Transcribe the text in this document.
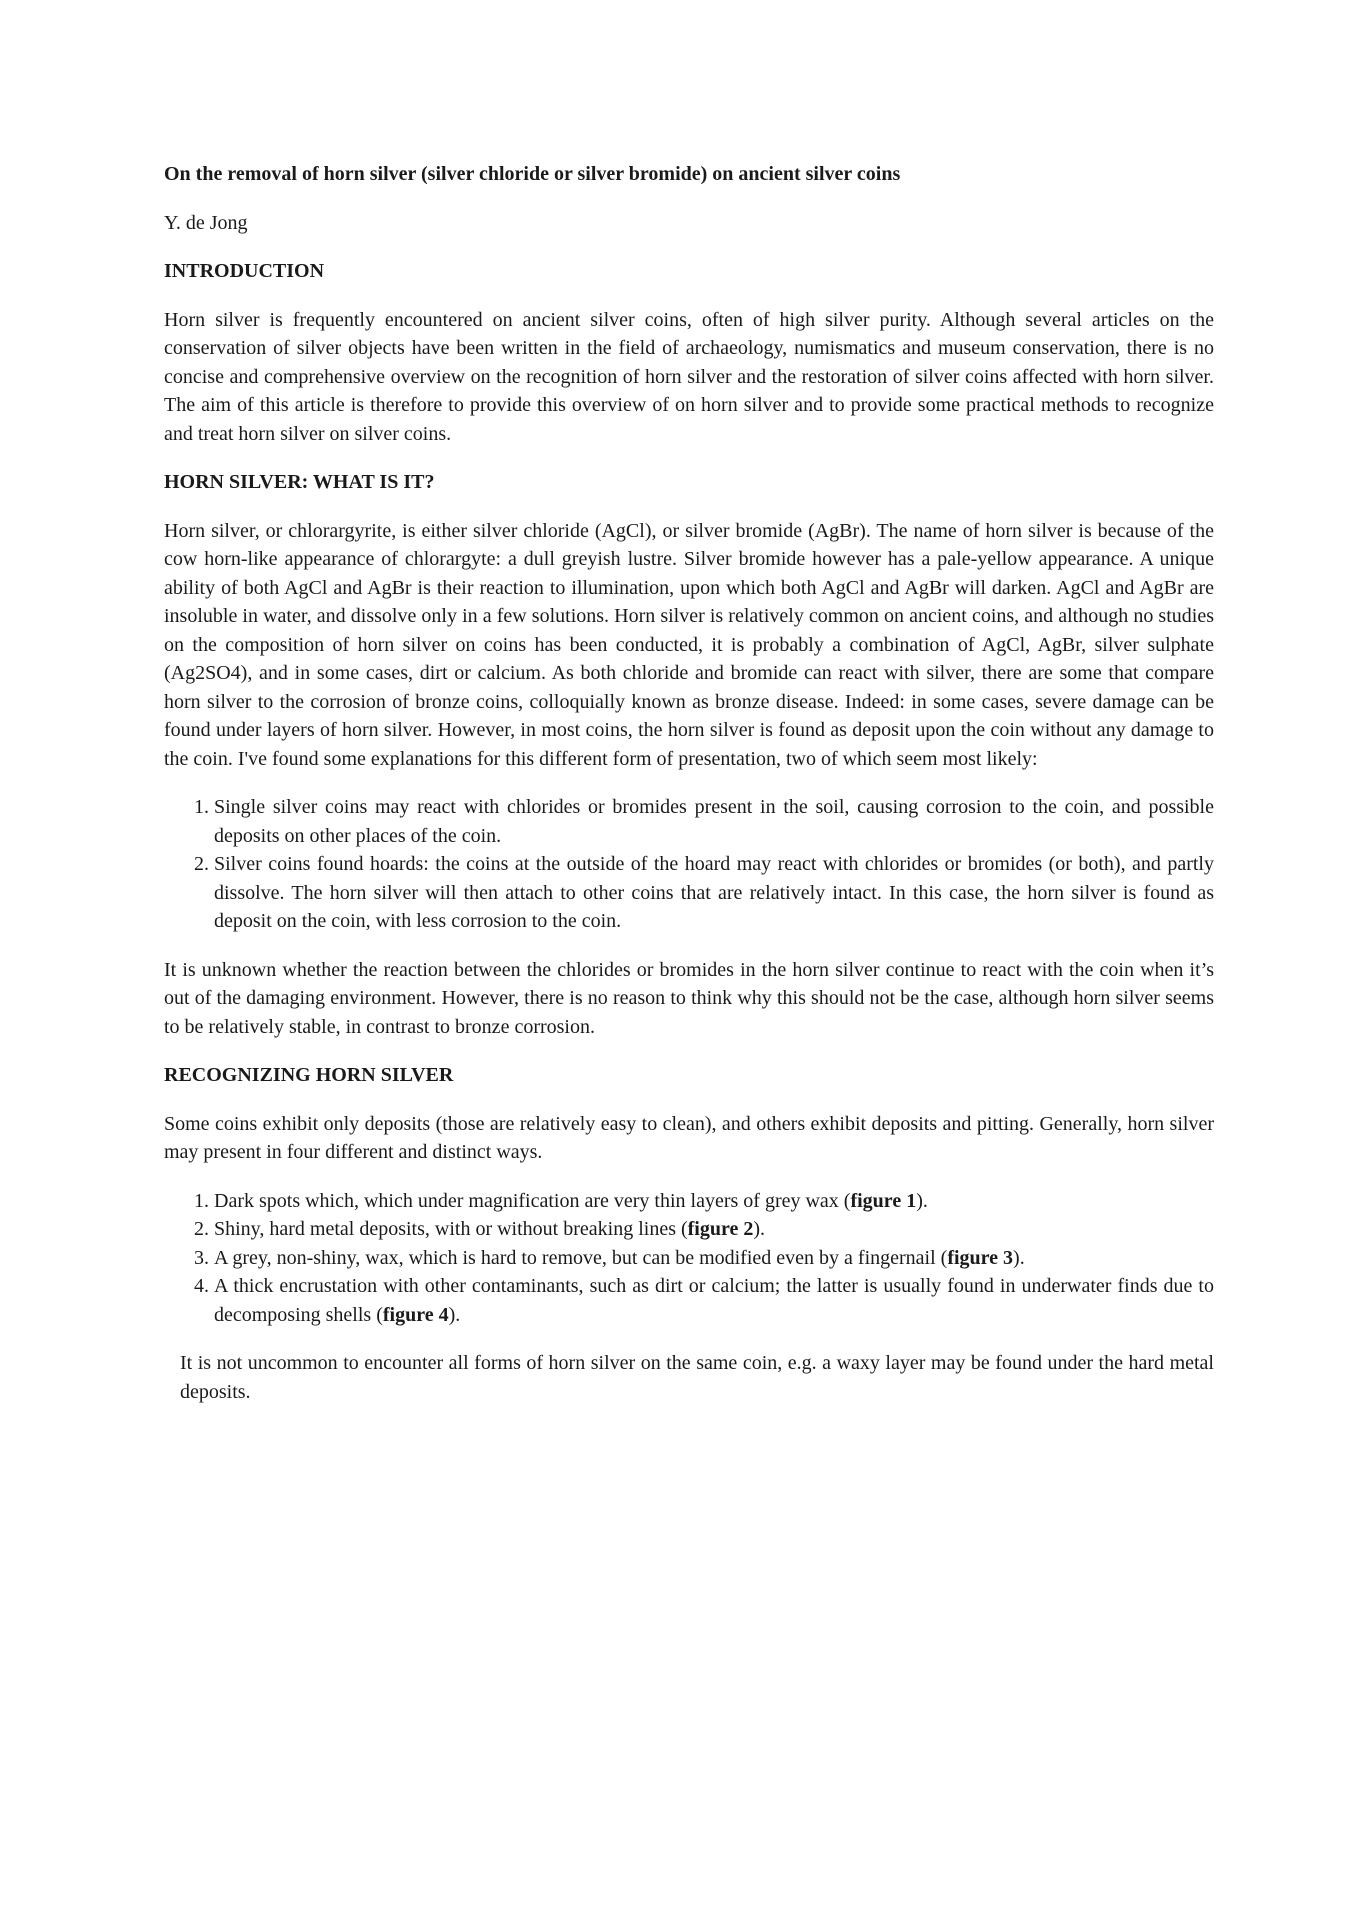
On the removal of horn silver (silver chloride or silver bromide) on ancient silver coins
Y. de Jong
INTRODUCTION

Horn silver is frequently encountered on ancient silver coins, often of high silver purity. Although several articles on the conservation of silver objects have been written in the field of archaeology, numismatics and museum conservation, there is no concise and comprehensive overview on the recognition of horn silver and the restoration of silver coins affected with horn silver. The aim of this article is therefore to provide this overview of on horn silver and to provide some practical methods to recognize and treat horn silver on silver coins.

HORN SILVER: WHAT IS IT?

Horn silver, or chlorargyrite, is either silver chloride (AgCl), or silver bromide (AgBr). The name of horn silver is because of the cow horn-like appearance of chlorargyte: a dull greyish lustre. Silver bromide however has a pale-yellow appearance. A unique ability of both AgCl and AgBr is their reaction to illumination, upon which both AgCl and AgBr will darken. AgCl and AgBr are insoluble in water, and dissolve only in a few solutions. Horn silver is relatively common on ancient coins, and although no studies on the composition of horn silver on coins has been conducted, it is probably a combination of AgCl, AgBr, silver sulphate (Ag2SO4), and in some cases, dirt or calcium. As both chloride and bromide can react with silver, there are some that compare horn silver to the corrosion of bronze coins, colloquially known as bronze disease. Indeed: in some cases, severe damage can be found under layers of horn silver. However, in most coins, the horn silver is found as deposit upon the coin without any damage to the coin. I've found some explanations for this different form of presentation, two of which seem most likely:

1. Single silver coins may react with chlorides or bromides present in the soil, causing corrosion to the coin, and possible deposits on other places of the coin.
2. Silver coins found hoards: the coins at the outside of the hoard may react with chlorides or bromides (or both), and partly dissolve. The horn silver will then attach to other coins that are relatively intact. In this case, the horn silver is found as deposit on the coin, with less corrosion to the coin.

It is unknown whether the reaction between the chlorides or bromides in the horn silver continue to react with the coin when it’s out of the damaging environment. However, there is no reason to think why this should not be the case, although horn silver seems to be relatively stable, in contrast to bronze corrosion.

RECOGNIZING HORN SILVER

Some coins exhibit only deposits (those are relatively easy to clean), and others exhibit deposits and pitting. Generally, horn silver may present in four different and distinct ways.

1. Dark spots which, which under magnification are very thin layers of grey wax (figure 1).
2. Shiny, hard metal deposits, with or without breaking lines (figure 2).
3. A grey, non-shiny, wax, which is hard to remove, but can be modified even by a fingernail (figure 3).
4. A thick encrustation with other contaminants, such as dirt or calcium; the latter is usually found in underwater finds due to decomposing shells (figure 4).

It is not uncommon to encounter all forms of horn silver on the same coin, e.g. a waxy layer may be found under the hard metal deposits.
